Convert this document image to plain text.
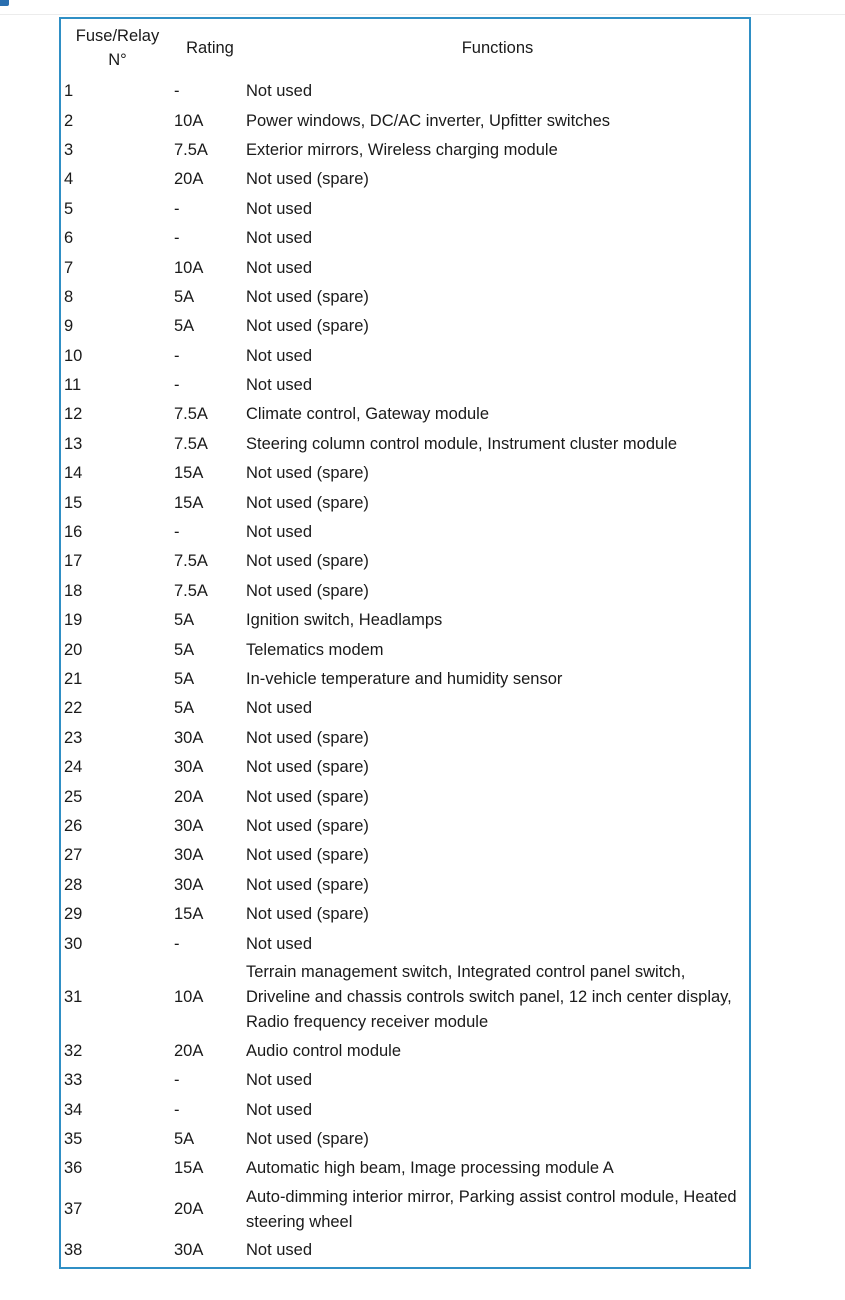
Fuse/Relay N°	Rating	Functions
1	-	Not used
2	10A	Power windows, DC/AC inverter, Upfitter switches
3	7.5A	Exterior mirrors, Wireless charging module
4	20A	Not used (spare)
5	-	Not used
6	-	Not used
7	10A	Not used
8	5A	Not used (spare)
9	5A	Not used (spare)
10	-	Not used
11	-	Not used
12	7.5A	Climate control, Gateway module
13	7.5A	Steering column control module, Instrument cluster module
14	15A	Not used (spare)
15	15A	Not used (spare)
16	-	Not used
17	7.5A	Not used (spare)
18	7.5A	Not used (spare)
19	5A	Ignition switch, Headlamps
20	5A	Telematics modem
21	5A	In-vehicle temperature and humidity sensor
22	5A	Not used
23	30A	Not used (spare)
24	30A	Not used (spare)
25	20A	Not used (spare)
26	30A	Not used (spare)
27	30A	Not used (spare)
28	30A	Not used (spare)
29	15A	Not used (spare)
30	-	Not used
31	10A	Terrain management switch, Integrated control panel switch, Driveline and chassis controls switch panel, 12 inch center display, Radio frequency receiver module
32	20A	Audio control module
33	-	Not used
34	-	Not used
35	5A	Not used (spare)
36	15A	Automatic high beam, Image processing module A
37	20A	Auto-dimming interior mirror, Parking assist control module, Heated steering wheel
38	30A	Not used
